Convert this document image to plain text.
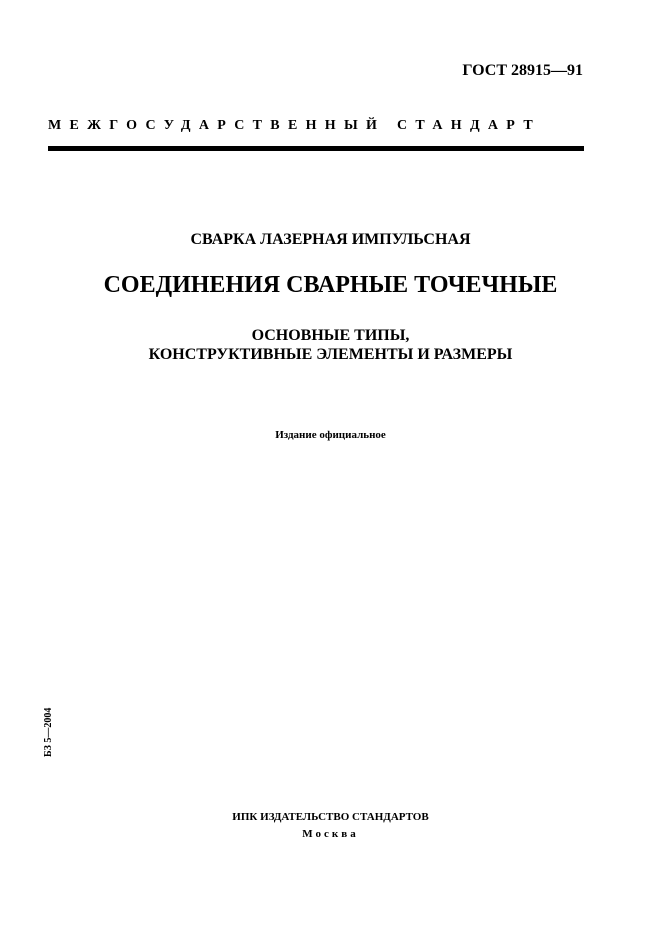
ГОСТ 28915—91
МЕЖГОСУДАРСТВЕННЫЙ СТАНДАРТ
СВАРКА ЛАЗЕРНАЯ ИМПУЛЬСНАЯ
СОЕДИНЕНИЯ СВАРНЫЕ ТОЧЕЧНЫЕ
ОСНОВНЫЕ ТИПЫ,
КОНСТРУКТИВНЫЕ ЭЛЕМЕНТЫ И РАЗМЕРЫ
Издание официальное
БЗ 5—2004
ИПК ИЗДАТЕЛЬСТВО СТАНДАРТОВ
Москва
